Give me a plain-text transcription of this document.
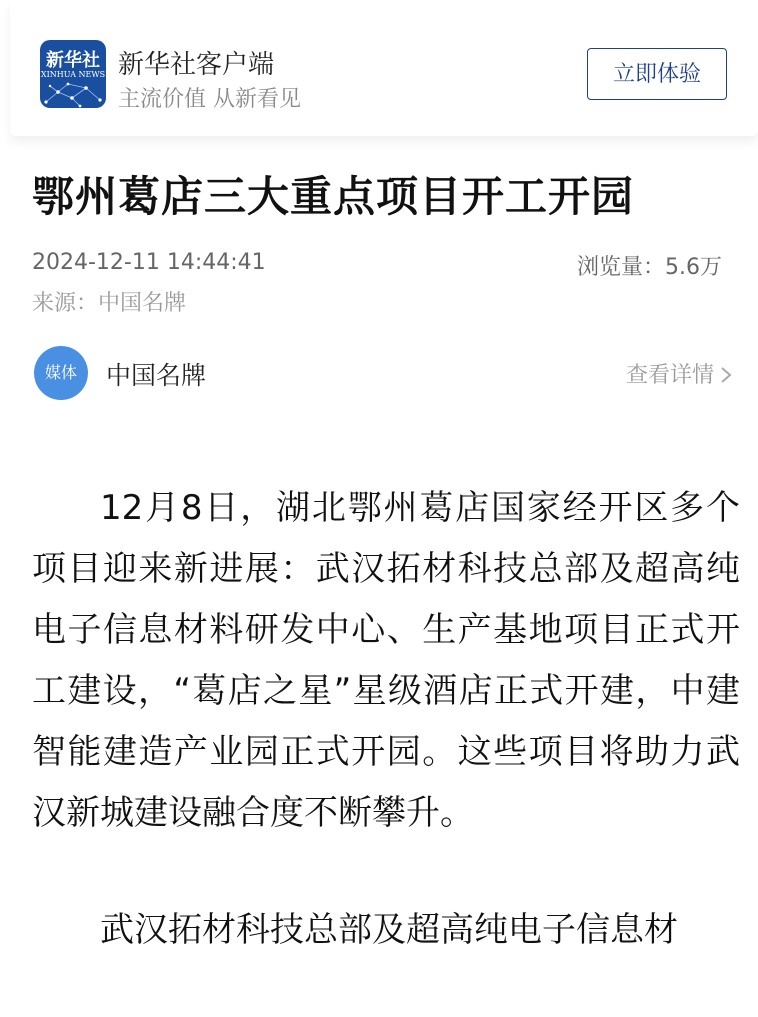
新华社
XINHUA NEWS 新华社客户端
主流价值 从新看见
立即体验
鄂州葛店三大重点项目开工开园
2024-12-11 14:44:41	浏览量：5.6万
来源：中国名牌
媒体	中国名牌	查看详情

12月8日，湖北鄂州葛店国家经开区多个项目迎来新进展：武汉拓材科技总部及超高纯电子信息材料研发中心、生产基地项目正式开工建设，“葛店之星”星级酒店正式开建，中建智能建造产业园正式开园。这些项目将助力武汉新城建设融合度不断攀升。

武汉拓材科技总部及超高纯电子信息材
